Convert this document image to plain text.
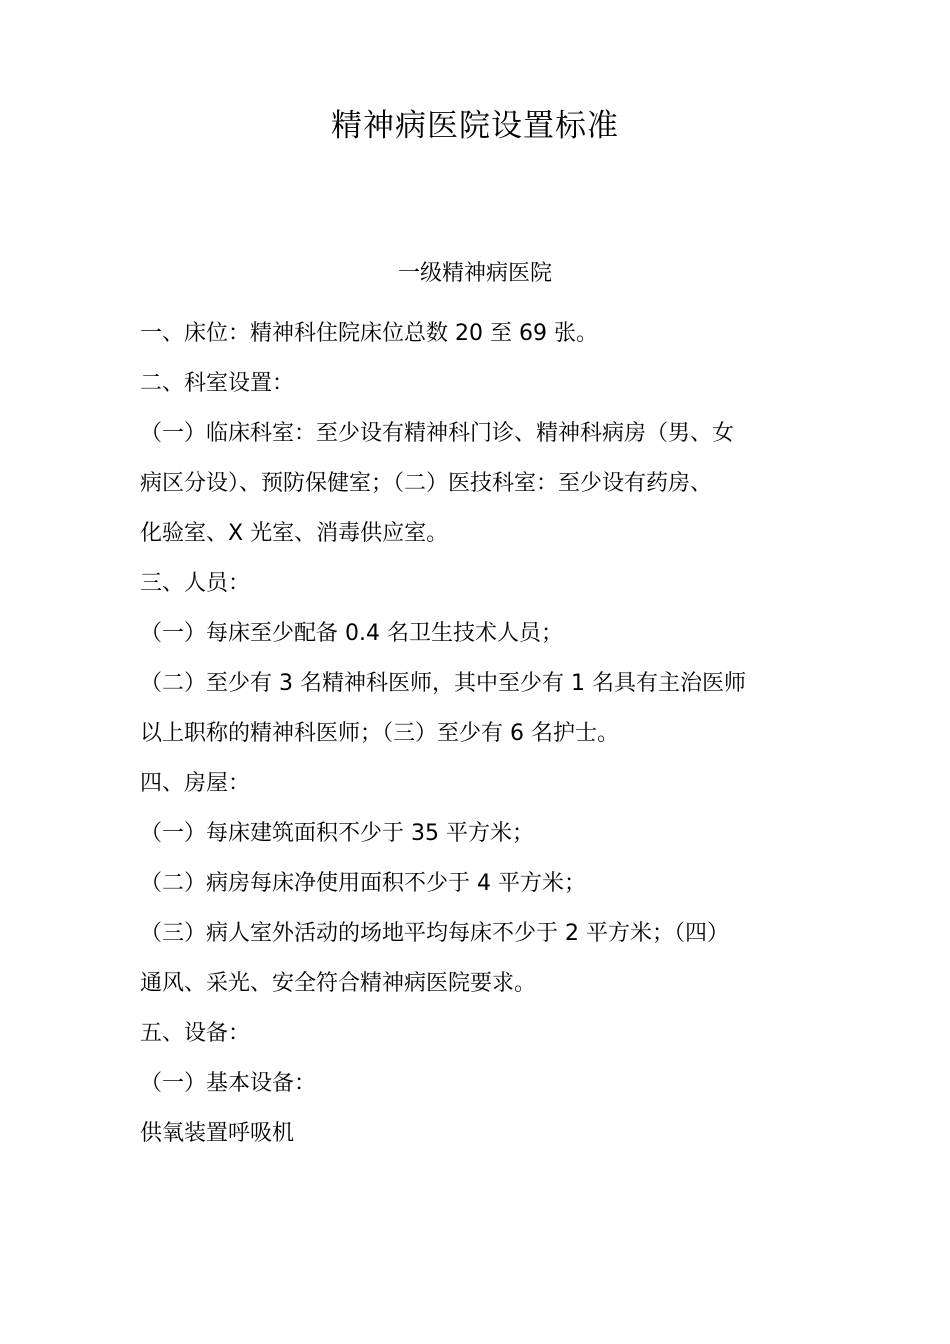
精神病医院设置标准
一级精神病医院
一、床位：精神科住院床位总数 20 至 69 张。
二、科室设置：
（一）临床科室：至少设有精神科门诊、精神科病房（男、女
病区分设）、预防保健室；（二）医技科室：至少设有药房、
化验室、X 光室、消毒供应室。
三、人员：
（一）每床至少配备 0.4 名卫生技术人员；
（二）至少有 3 名精神科医师，其中至少有 1 名具有主治医师
以上职称的精神科医师；（三）至少有 6 名护士。
四、房屋：
（一）每床建筑面积不少于 35 平方米；
（二）病房每床净使用面积不少于 4 平方米；
（三）病人室外活动的场地平均每床不少于 2 平方米；（四）
通风、采光、安全符合精神病医院要求。
五、设备：
（一）基本设备：
供氧装置呼吸机
